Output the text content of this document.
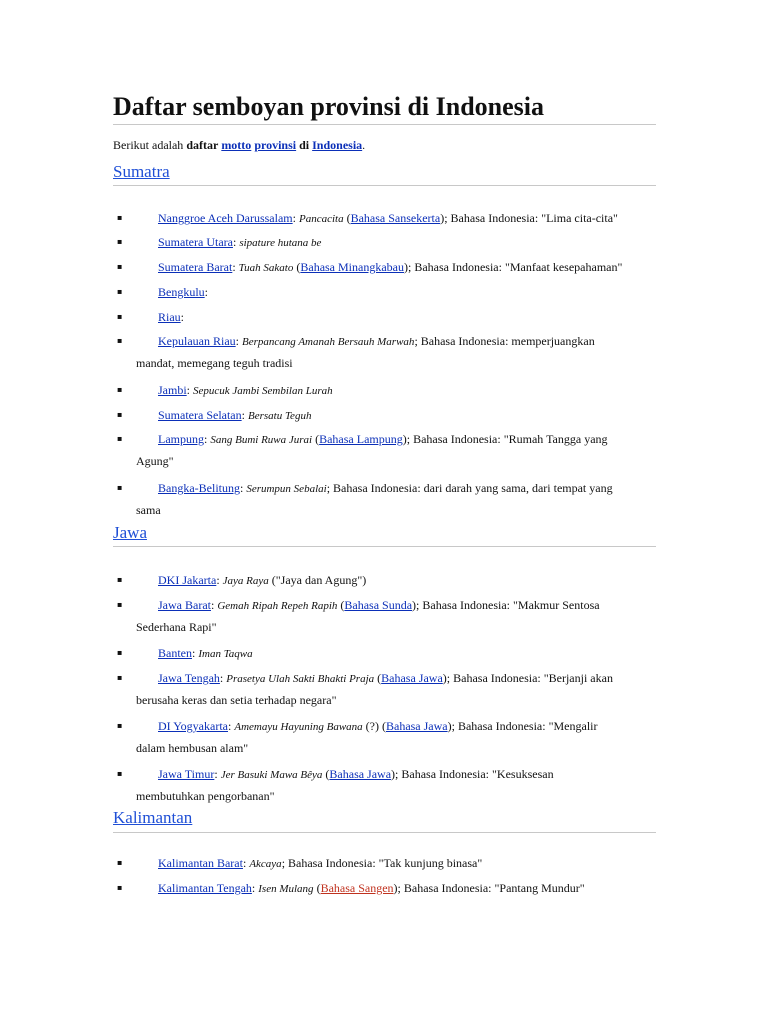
Daftar semboyan provinsi di Indonesia
Berikut adalah daftar motto provinsi di Indonesia.
Sumatra
▪	Nanggroe Aceh Darussalam: Pancacita (Bahasa Sansekerta); Bahasa Indonesia: "Lima cita-cita"
▪	Sumatera Utara: sipature hutana be
▪	Sumatera Barat: Tuah Sakato (Bahasa Minangkabau); Bahasa Indonesia: "Manfaat kesepahaman"
▪	Bengkulu:
▪	Riau:
▪	Kepulauan Riau: Berpancang Amanah Bersauh Marwah; Bahasa Indonesia: memperjuangkan
mandat, memegang teguh tradisi
▪	Jambi: Sepucuk Jambi Sembilan Lurah
▪	Sumatera Selatan: Bersatu Teguh
▪	Lampung: Sang Bumi Ruwa Jurai (Bahasa Lampung); Bahasa Indonesia: "Rumah Tangga yang
Agung"
▪	Bangka-Belitung: Serumpun Sebalai; Bahasa Indonesia: dari darah yang sama, dari tempat yang
sama
Jawa
▪	DKI Jakarta: Jaya Raya ("Jaya dan Agung")
▪	Jawa Barat: Gemah Ripah Repeh Rapih (Bahasa Sunda); Bahasa Indonesia: "Makmur Sentosa
Sederhana Rapi"
▪	Banten: Iman Taqwa
▪	Jawa Tengah: Prasetya Ulah Sakti Bhakti Praja (Bahasa Jawa); Bahasa Indonesia: "Berjanji akan
berusaha keras dan setia terhadap negara"
▪	DI Yogyakarta: Amemayu Hayuning Bawana (?) (Bahasa Jawa); Bahasa Indonesia: "Mengalir
dalam hembusan alam"
▪	Jawa Timur: Jer Basuki Mawa Bêya (Bahasa Jawa); Bahasa Indonesia: "Kesuksesan
membutuhkan pengorbanan"
Kalimantan
▪	Kalimantan Barat: Akcaya; Bahasa Indonesia: "Tak kunjung binasa"
▪	Kalimantan Tengah: Isen Mulang (Bahasa Sangen); Bahasa Indonesia: "Pantang Mundur"
